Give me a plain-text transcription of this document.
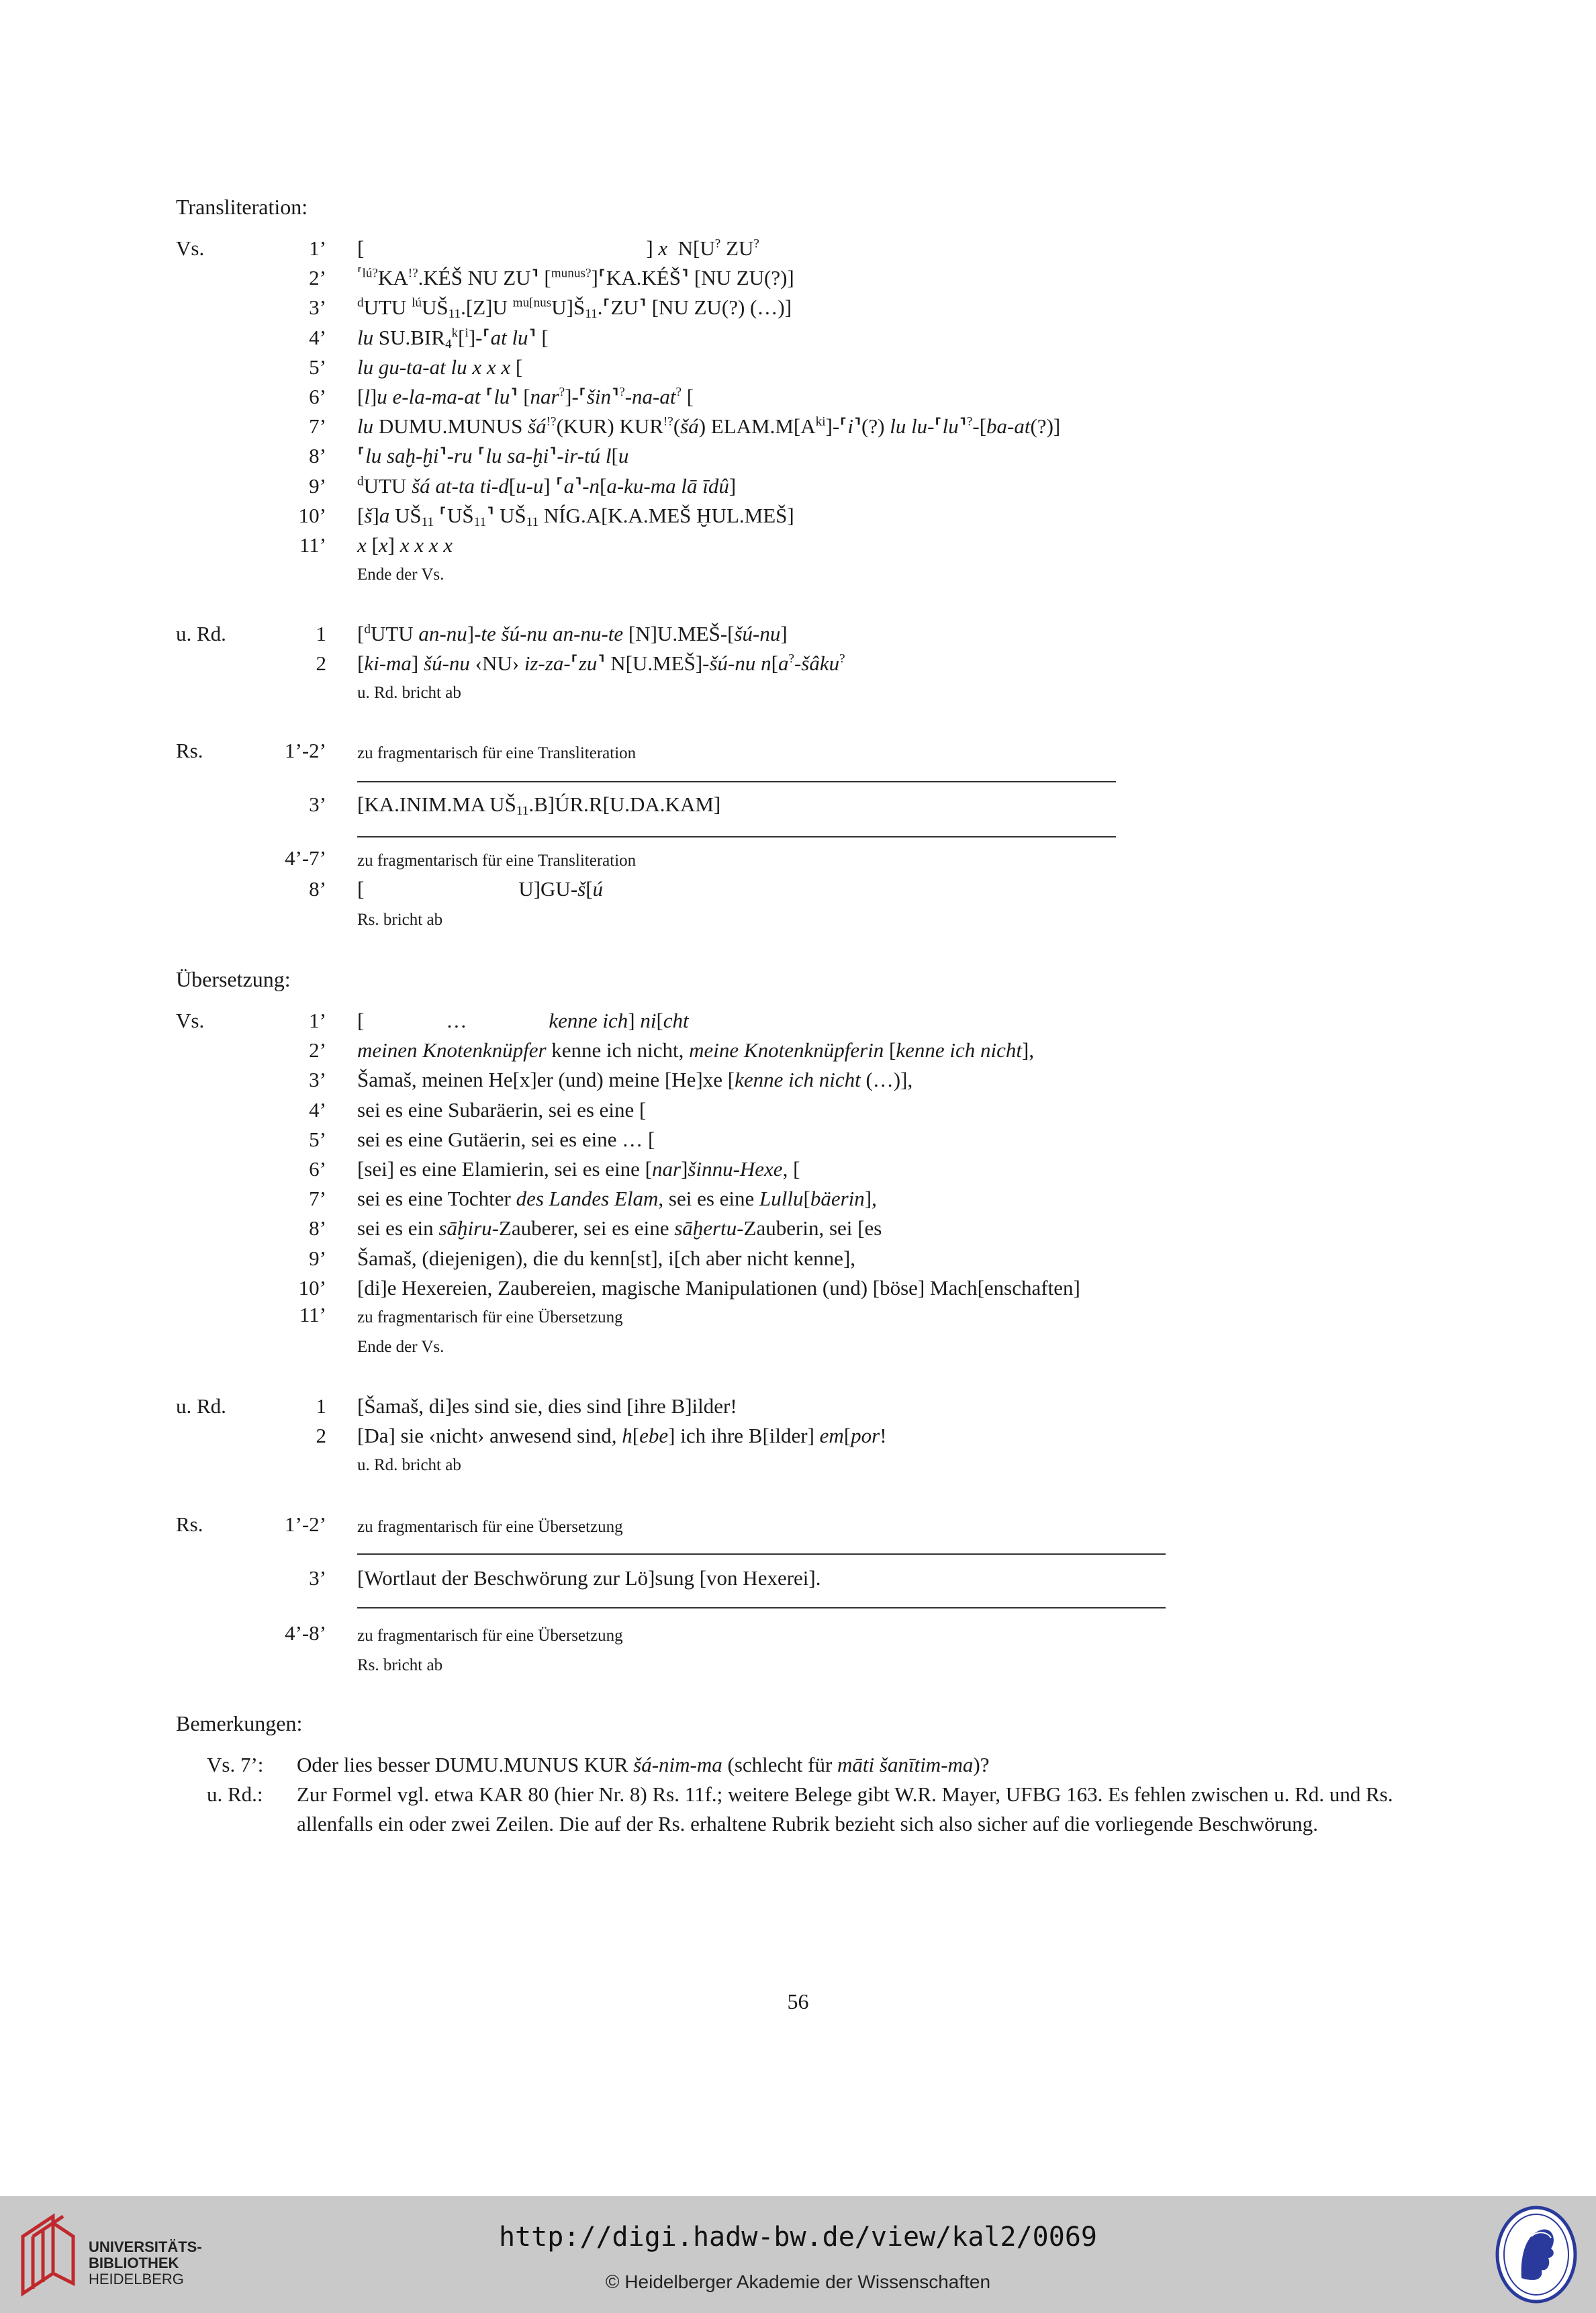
Transliteration:
Vs.	1’ [	] x  N[U? ZU?
2’ $^{⸢lú?}$KA!?.KÉŠ NU ZU⸣ [$^{munus?}$]⸢KA.KÉŠ⸣ [NU ZU(?)]
3’ $^d$UTU $^{lú}UŠ_{11}.[Z]U$ $^{mu[nus}U]Š_{11}.⸢ZU⸣$ [NU ZU(?) (…)]
4’ lu $SU.BIR_4^k[^i]-⸢at$ lu⸣ [
5’ lu gu-ta-at lu x x x [
6’ [l]u e-la-ma-at ⸢lu⸣ [nar?]-⸢šin⸣?-na-at? [
7’ lu DUMU.MUNUS šá!?(KUR) KUR!?(šá) $ELAM.M[A^{ki}]-⸢i⸣(?)$ lu lu-⸢lu⸣?-[ba-at(?)]
8’ ⸢lu saḫ-ḫi⸣-ru ⸢lu sa-ḫi⸣-ir-tú l[u
9’ $^d$UTU šá at-ta ti-d[u-u] ⸢a⸣-n[a-ku-ma lā īdû]
10’ [š]a $UŠ_{11}$ $⸢UŠ_{11}⸣$ $UŠ_{11}$ NÍG.A[K.A.MEŠ ḪUL.MEŠ]
11’ x [x] x x x x
Ende der Vs.
u. Rd.	1 [$^d$UTU an-nu]-te šú-nu an-nu-te [N]U.MEŠ-[šú-nu]
2 [ki-ma] šú-nu ‹NU› iz-za-⸢zu⸣ N[U.MEŠ]-šú-nu n[a?-šâku?
u. Rd. bricht ab
Rs.	1’-2’ zu fragmentarisch für eine Transliteration
3’ [KA.INIM.MA $UŠ_{11}.B]ÚR.R[U.DA.KAM]$
4’-7’ zu fragmentarisch für eine Transliteration
8’ [	U]GU-š[ú
Rs. bricht ab
Übersetzung:
Vs.	1’ [	…	kenne ich] ni[cht
2’ meinen Knotenknüpfer kenne ich nicht, meine Knotenknüpferin [kenne ich nicht],
3’ Šamaš, meinen He[x]er (und) meine [He]xe [kenne ich nicht (…)],
4’ sei es eine Subaräerin, sei es eine [
5’ sei es eine Gutäerin, sei es eine … [
6’ [sei] es eine Elamierin, sei es eine [nar]šinnu-Hexe, [
7’ sei es eine Tochter des Landes Elam, sei es eine Lullu[bäerin],
8’ sei es ein sāḫiru-Zauberer, sei es eine sāḫertu-Zauberin, sei [es
9’ Šamaš, (diejenigen), die du kenn[st], i[ch aber nicht kenne],
10’ [di]e Hexereien, Zaubereien, magische Manipulationen (und) [böse] Mach[enschaften]
11’ zu fragmentarisch für eine Übersetzung
Ende der Vs.
u. Rd.	1 [Šamaš, di]es sind sie, dies sind [ihre B]ilder!
2 [Da] sie ‹nicht› anwesend sind, h[ebe] ich ihre B[ilder] em[por!
u. Rd. bricht ab
Rs.	1’-2’ zu fragmentarisch für eine Übersetzung
3’ [Wortlaut der Beschwörung zur Lö]sung [von Hexerei].
4’-8’ zu fragmentarisch für eine Übersetzung
Rs. bricht ab
Bemerkungen:
Vs. 7’:	Oder lies besser DUMU.MUNUS KUR šá-nim-ma (schlecht für māti šanītim-ma)?
u. Rd.:	Zur Formel vgl. etwa KAR 80 (hier Nr. 8) Rs. 11f.; weitere Belege gibt W.R. Mayer, UFBG 163. Es fehlen zwischen u. Rd. und Rs. allenfalls ein oder zwei Zeilen. Die auf der Rs. erhaltene Rubrik bezieht sich also sicher auf die vorliegende Beschwörung.
56
UNIVERSITÄTS-
BIBLIOTHEK
HEIDELBERG
http://digi.hadw-bw.de/view/kal2/0069
© Heidelberger Akademie der Wissenschaften
